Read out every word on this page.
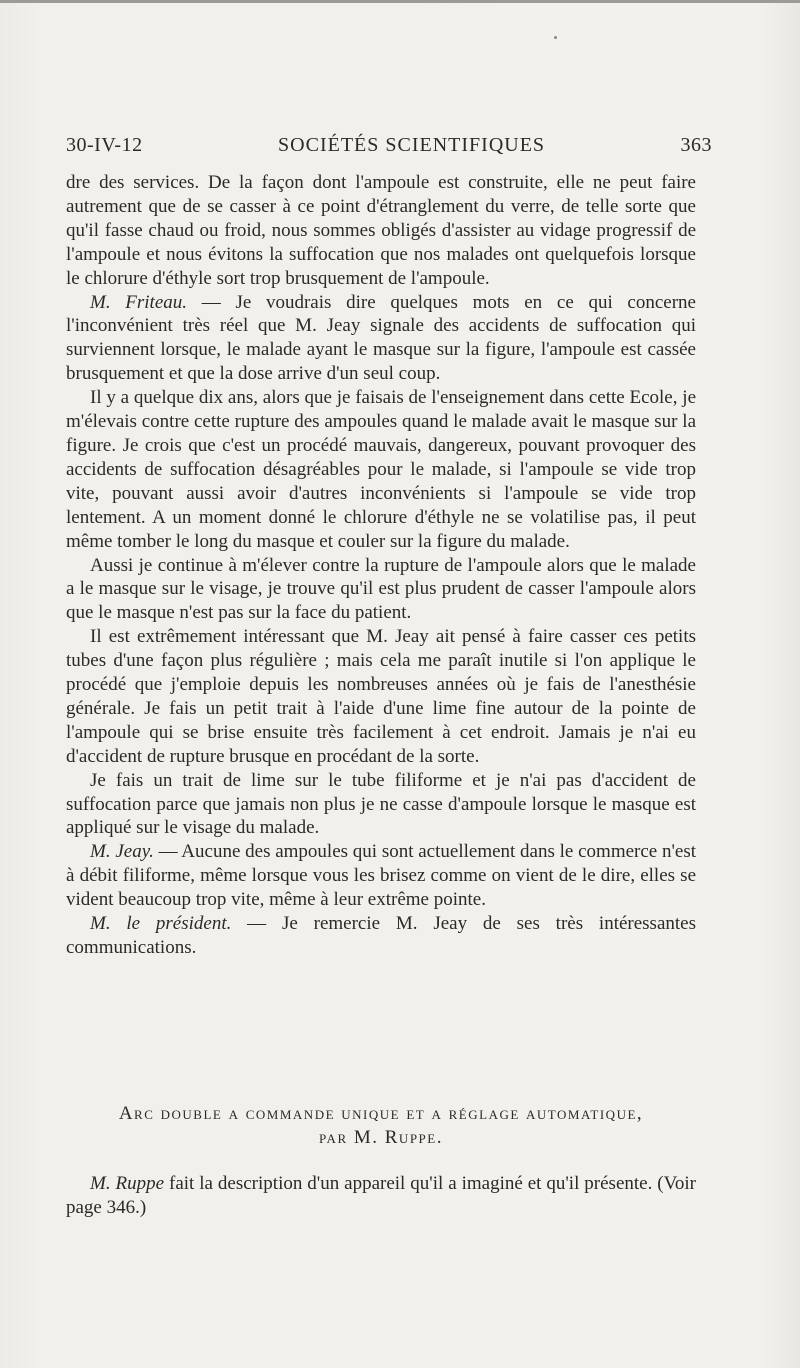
30-IV-12	SOCIÉTÉS SCIENTIFIQUES	363

dre des services. De la façon dont l'ampoule est construite, elle ne peut faire autrement que de se casser à ce point d'étranglement du verre, de telle sorte que qu'il fasse chaud ou froid, nous sommes obligés d'assister au vidage progressif de l'ampoule et nous évitons la suffocation que nos malades ont quelquefois lorsque le chlorure d'éthyle sort trop brusquement de l'ampoule.

M. Friteau. — Je voudrais dire quelques mots en ce qui concerne l'inconvénient très réel que M. Jeay signale des accidents de suffocation qui surviennent lorsque, le malade ayant le masque sur la figure, l'ampoule est cassée brusquement et que la dose arrive d'un seul coup.

Il y a quelque dix ans, alors que je faisais de l'enseignement dans cette Ecole, je m'élevais contre cette rupture des ampoules quand le malade avait le masque sur la figure. Je crois que c'est un procédé mauvais, dangereux, pouvant provoquer des accidents de suffocation désagréables pour le malade, si l'ampoule se vide trop vite, pouvant aussi avoir d'autres inconvénients si l'ampoule se vide trop lentement. A un moment donné le chlorure d'éthyle ne se volatilise pas, il peut même tomber le long du masque et couler sur la figure du malade.

Aussi je continue à m'élever contre la rupture de l'ampoule alors que le malade a le masque sur le visage, je trouve qu'il est plus prudent de casser l'ampoule alors que le masque n'est pas sur la face du patient.

Il est extrêmement intéressant que M. Jeay ait pensé à faire casser ces petits tubes d'une façon plus régulière ; mais cela me paraît inutile si l'on applique le procédé que j'emploie depuis les nombreuses années où je fais de l'anesthésie générale. Je fais un petit trait à l'aide d'une lime fine autour de la pointe de l'ampoule qui se brise ensuite très facilement à cet endroit. Jamais je n'ai eu d'accident de rupture brusque en procédant de la sorte.

Je fais un trait de lime sur le tube filiforme et je n'ai pas d'accident de suffocation parce que jamais non plus je ne casse d'ampoule lorsque le masque est appliqué sur le visage du malade.

M. Jeay. — Aucune des ampoules qui sont actuellement dans le commerce n'est à débit filiforme, même lorsque vous les brisez comme on vient de le dire, elles se vident beaucoup trop vite, même à leur extrême pointe.

M. le président. — Je remercie M. Jeay de ses très intéressantes communications.

Arc double a commande unique et a réglage automatique,
par M. Ruppe.

M. Ruppe fait la description d'un appareil qu'il a imaginé et qu'il présente. (Voir page 346.)
